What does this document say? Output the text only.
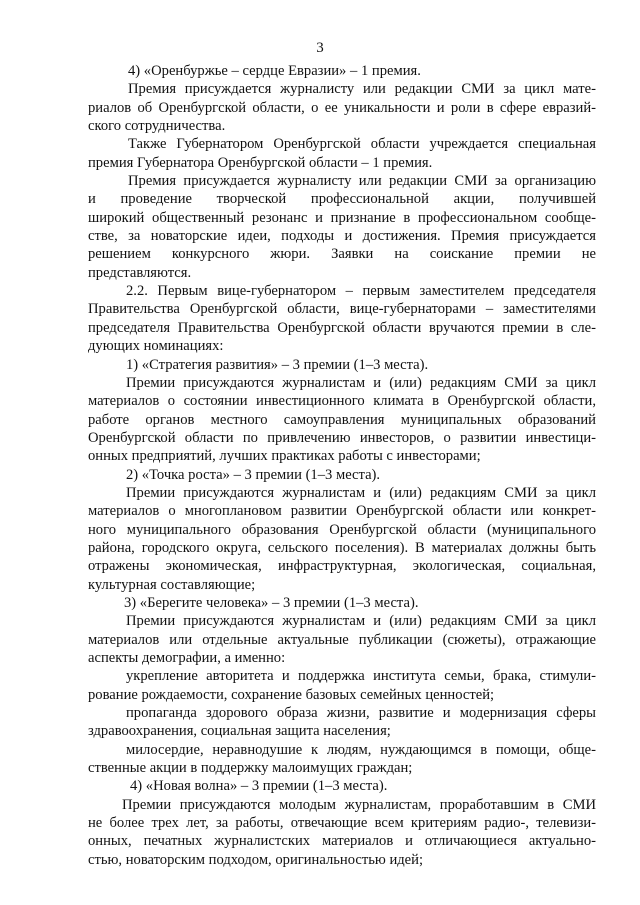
3
4) «Оренбуржье – сердце Евразии» – 1 премия.
Премия присуждается журналисту или редакции СМИ за цикл мате-
риалов об Оренбургской области, о ее уникальности и роли в сфере евразий-
ского сотрудничества.
Также Губернатором Оренбургской области учреждается специальная
премия Губернатора Оренбургской области – 1 премия.
Премия присуждается журналисту или редакции СМИ за организацию
и проведение творческой профессиональной акции, получившей
широкий общественный резонанс и признание в профессиональном сообще-
стве, за новаторские идеи, подходы и достижения. Премия присуждается
решением конкурсного жюри. Заявки на соискание премии не
представляются.
2.2. Первым вице-губернатором – первым заместителем председателя
Правительства Оренбургской области, вице-губернаторами – заместителями
председателя Правительства Оренбургской области вручаются премии в сле-
дующих номинациях:
1) «Стратегия развития» – 3 премии (1–3 места).
Премии присуждаются журналистам и (или) редакциям СМИ за цикл
материалов о состоянии инвестиционного климата в Оренбургской области,
работе органов местного самоуправления муниципальных образований
Оренбургской области по привлечению инвесторов, о развитии инвестици-
онных предприятий, лучших практиках работы с инвесторами;
2) «Точка роста» – 3 премии (1–3 места).
Премии присуждаются журналистам и (или) редакциям СМИ за цикл
материалов о многоплановом развитии Оренбургской области или конкрет-
ного муниципального образования Оренбургской области (муниципального
района, городского округа, сельского поселения). В материалах должны быть
отражены экономическая, инфраструктурная, экологическая, социальная,
культурная составляющие;
3) «Берегите человека» – 3 премии (1–3 места).
Премии присуждаются журналистам и (или) редакциям СМИ за цикл
материалов или отдельные актуальные публикации (сюжеты), отражающие
аспекты демографии, а именно:
укрепление авторитета и поддержка института семьи, брака, стимули-
рование рождаемости, сохранение базовых семейных ценностей;
пропаганда здорового образа жизни, развитие и модернизация сферы
здравоохранения, социальная защита населения;
милосердие, неравнодушие к людям, нуждающимся в помощи, обще-
ственные акции в поддержку малоимущих граждан;
4) «Новая волна» – 3 премии (1–3 места).
Премии присуждаются молодым журналистам, проработавшим в СМИ
не более трех лет, за работы, отвечающие всем критериям радио-, телевизи-
онных, печатных журналистских материалов и отличающиеся актуально-
стью, новаторским подходом, оригинальностью идей;
